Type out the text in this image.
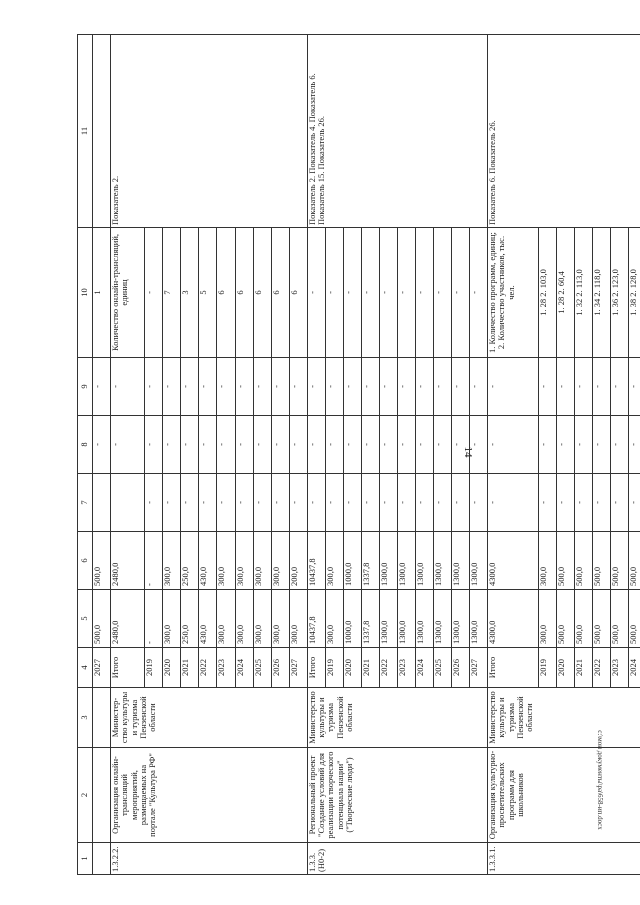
14
1	2	3	4	5	6	7	8	9	10	11
			2027	500,0	500,0		-	-	1	
1.3.2.2.	Организация онлайн-трансляций мероприятий, размещаемых на портале "Культура РФ"	Министер-ство культуры и туризма Пензенской области	Итого	2480,0	2480,0		-	-	Количество онлайн-трансляций, единиц	Показатель 2.
			2019	-	-	-	-	-	-	
			2020	300,0	300,0	-	-	-	7	
			2021	250,0	250,0	-	-	-	3	
			2022	430,0	430,0	-	-	-	5	
			2023	300,0	300,0	-	-	-	6	
			2024	300,0	300,0	-	-	-	6	
			2025	300,0	300,0	-	-	-	6	
			2026	300,0	300,0	-	-	-	6	
			2027	300,0	200,0	-	-	-	6	
1.3.3. (Н0-2)	Региональный проект "Создание условий для реализации творческого потенциала нации" ("Творческие люди")	Министерство культуры и туризма Пензенской области	Итого	10437,8	10437,8	-	-	-	-	Показатель 2. Показатель 4. Показатель 6. Показатель 15. Показатель 26.
			2019	300,0	300,0	-	-	-	-	
			2020	1000,0	1000,0	-	-	-	-	
			2021	1337,8	1337,8	-	-	-	-	
			2022	1300,0	1300,0	-	-	-	-	
			2023	1300,0	1300,0	-	-	-	-	
			2024	1300,0	1300,0	-	-	-	-	
			2025	1300,0	1300,0	-	-	-	-	
			2026	1300,0	1300,0	-	-	-	-	
			2027	1300,0	1300,0	-	-	-	-	
1.3.3.1.	Организация культурно-просветительских программ для школьников	Министерство культуры и туризма Пензенской области	Итого	4300,0	4300,0	-	-	-	1. Количество программ, единиц; 2. Количество участников, тыс. чел.	Показатель 6. Показатель 26.
			2019	300,0	300,0	-	-	-	1. 28 2. 103,0	
			2020	500,0	500,0	-	-	-	1. 28 2. 60,4	
			2021	500,0	500,0	-	-	-	1. 32 2. 113,0	
			2022	500,0	500,0	-	-	-	1. 34 2. 118,0	
			2023	500,0	500,0	-	-	-	1. 36 2. 123,0	
			2024	500,0	500,0	-	-	-	1. 38 2. 128,0	
c:\мои документы\ра\658-ип.docx
